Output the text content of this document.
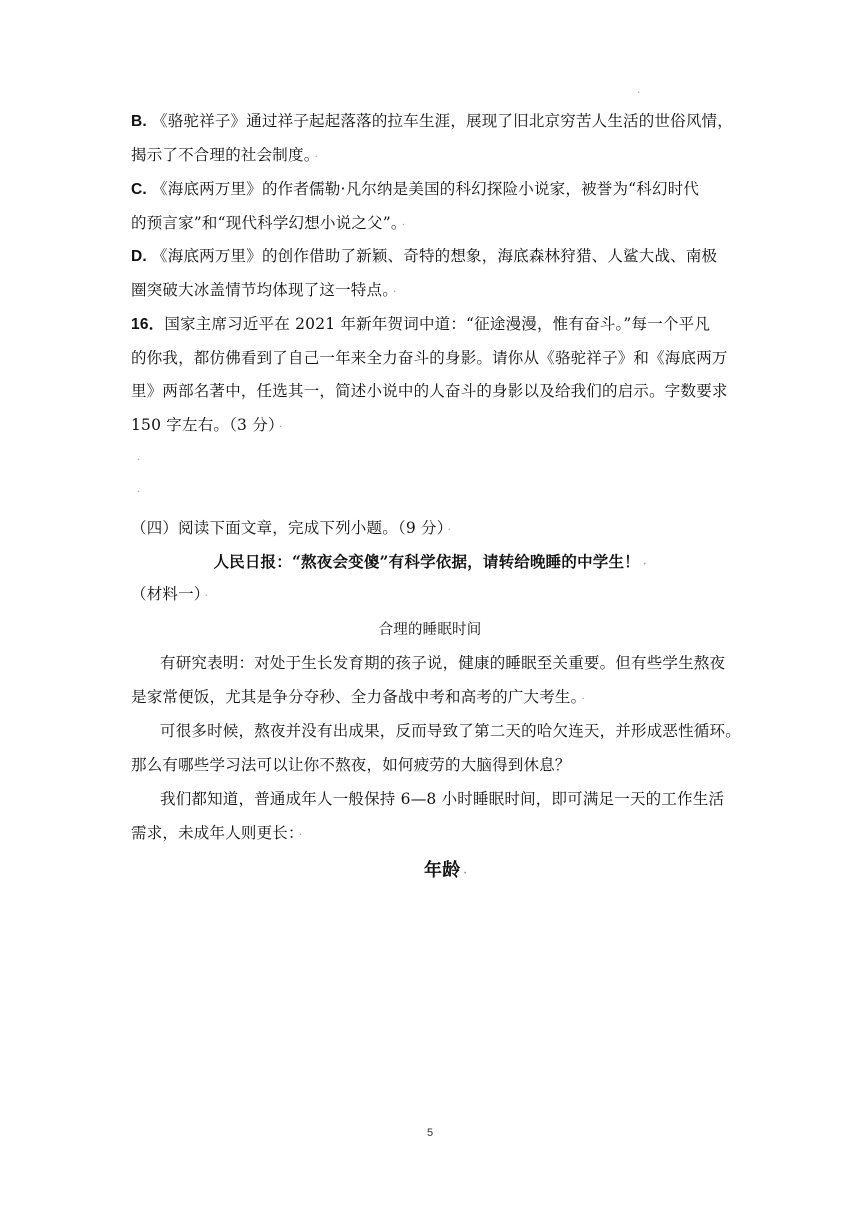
.
B. 《骆驼祥子》通过祥子起起落落的拉车生涯，展现了旧北京穷苦人生活的世俗风情，
揭示了不合理的社会制度。 ·
C. 《海底两万里》的作者儒勒·凡尔纳是美国的科幻探险小说家，被誉为“科幻时代
的预言家”和“现代科学幻想小说之父”。 ·
D. 《海底两万里》的创作借助了新颖、奇特的想象，海底森林狩猎、人鲨大战、南极
圈突破大冰盖情节均体现了这一特点。 ·
16．国家主席习近平在 2021 年新年贺词中道：“征途漫漫，惟有奋斗。”每一个平凡
的你我，都仿佛看到了自己一年来全力奋斗的身影。请你从《骆驼祥子》和《海底两万
里》两部名著中，任选其一，简述小说中的人奋斗的身影以及给我们的启示。字数要求
150 字左右。（3 分） ·
·
·
（四）阅读下面文章，完成下列小题。（9 分） ·
人民日报：“熬夜会变傻”有科学依据，请转给晚睡的中学生！ ·
（材料一） ·
合理的睡眠时间
有研究表明：对处于生长发育期的孩子说，健康的睡眠至关重要。但有些学生熬夜
是家常便饭，尤其是争分夺秒、全力备战中考和高考的广大考生。 ·
可很多时候，熬夜并没有出成果，反而导致了第二天的哈欠连天，并形成恶性循环。
那么有哪些学习法可以让你不熬夜，如何疲劳的大脑得到休息？
我们都知道，普通成年人一般保持 6—8 小时睡眠时间，即可满足一天的工作生活
需求，未成年人则更长： ·
年龄 ·
5
